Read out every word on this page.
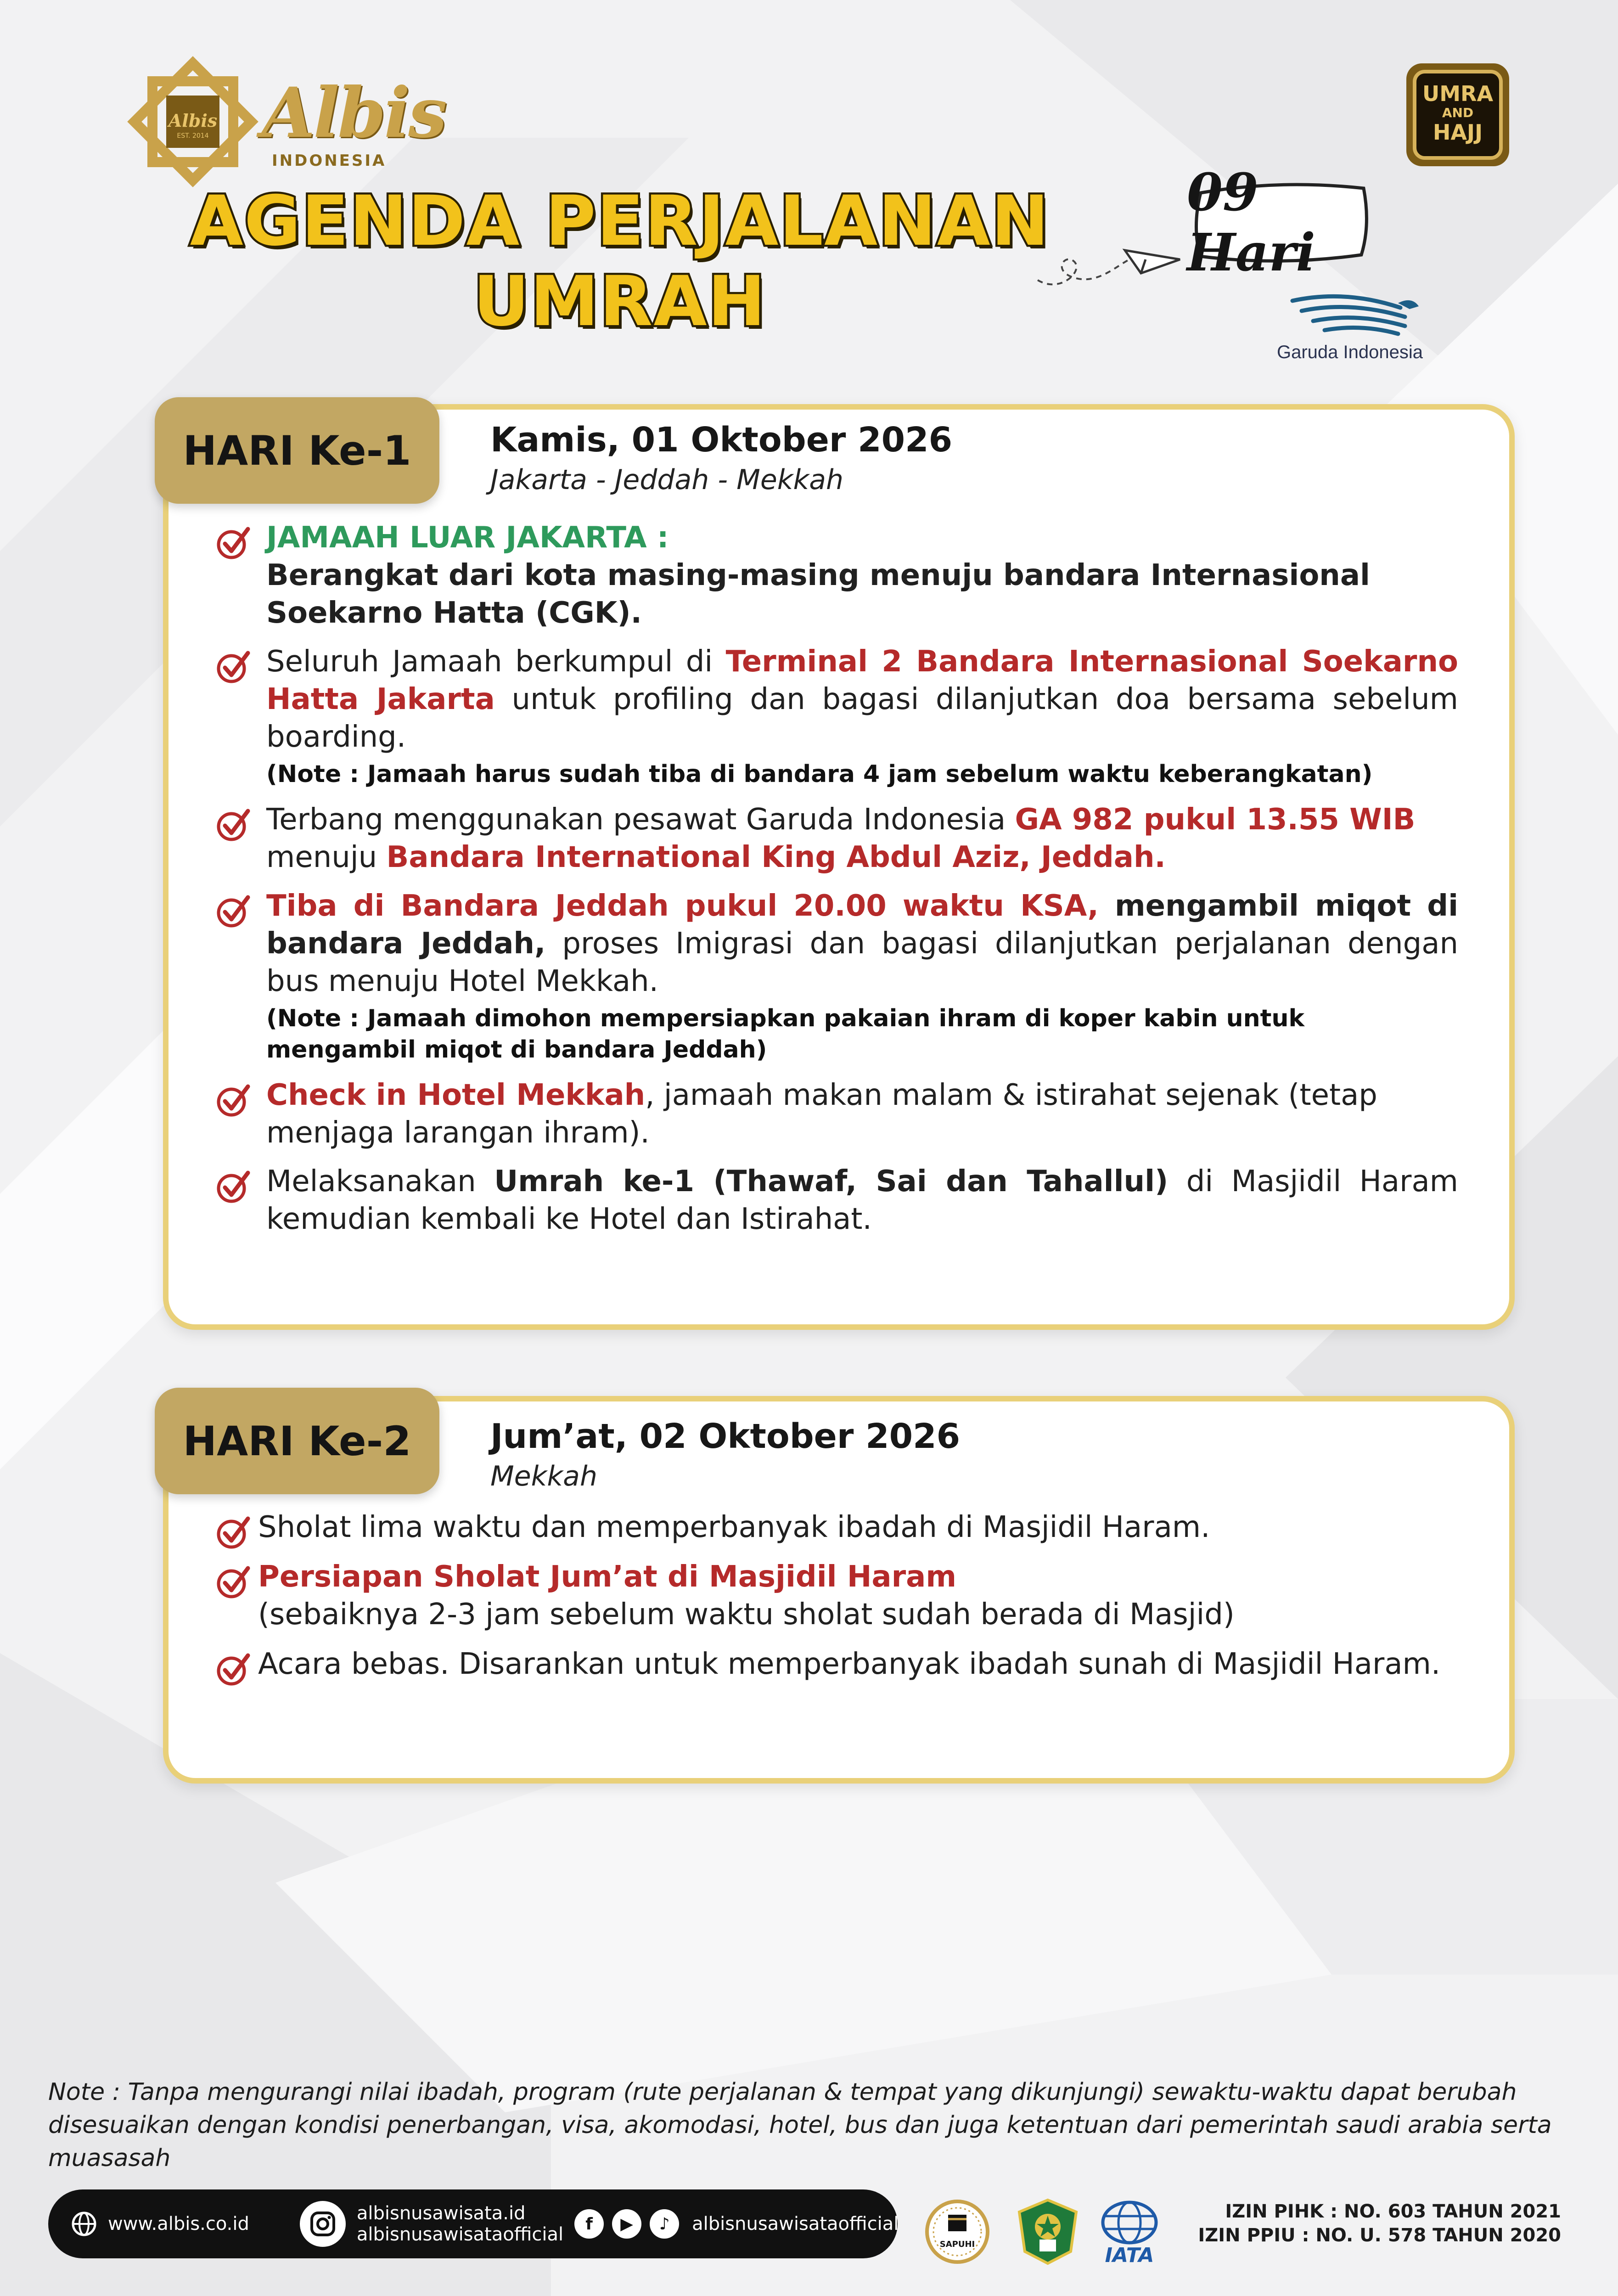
Albis
EST. 2014 Albis
INDONESIA
UMRA
AND
HAJJ
AGENDA PERJALANAN
UMRAH
09 Hari
Garuda Indonesia
HARI Ke-1	Kamis, 01 Oktober 2026
Jakarta - Jeddah - Mekkah
JAMAAH LUAR JAKARTA :
Berangkat dari kota masing-masing menuju bandara Internasional Soekarno Hatta (CGK).
Seluruh Jamaah berkumpul di Terminal 2 Bandara Internasional Soekarno Hatta Jakarta untuk profiling dan bagasi dilanjutkan doa bersama sebelum boarding.
(Note : Jamaah harus sudah tiba di bandara 4 jam sebelum waktu keberangkatan)
Terbang menggunakan pesawat Garuda Indonesia GA 982 pukul 13.55 WIB menuju Bandara International King Abdul Aziz, Jeddah.
Tiba di Bandara Jeddah pukul 20.00 waktu KSA, mengambil miqot di bandara Jeddah, proses Imigrasi dan bagasi dilanjutkan perjalanan dengan bus menuju Hotel Mekkah.
(Note : Jamaah dimohon mempersiapkan pakaian ihram di koper kabin untuk mengambil miqot di bandara Jeddah)
Check in Hotel Mekkah, jamaah makan malam & istirahat sejenak (tetap menjaga larangan ihram).
Melaksanakan Umrah ke-1 (Thawaf, Sai dan Tahallul) di Masjidil Haram kemudian kembali ke Hotel dan Istirahat.
HARI Ke-2	Jum’at, 02 Oktober 2026
Mekkah
Sholat lima waktu dan memperbanyak ibadah di Masjidil Haram.
Persiapan Sholat Jum’at di Masjidil Haram
(sebaiknya 2-3 jam sebelum waktu sholat sudah berada di Masjid)
Acara bebas. Disarankan untuk memperbanyak ibadah sunah di Masjidil Haram.
Note : Tanpa mengurangi nilai ibadah, program (rute perjalanan & tempat yang dikunjungi) sewaktu-waktu dapat berubah disesuaikan dengan kondisi penerbangan, visa, akomodasi, hotel, bus dan juga ketentuan dari pemerintah saudi arabia serta muasasah
www.albis.co.id	albisnusawisata.id
albisnusawisataofficial	f	▶	♪	albisnusawisataofficial
SAPUHI	IATA
IZIN PIHK : NO. 603 TAHUN 2021
IZIN PPIU : NO. U. 578 TAHUN 2020
